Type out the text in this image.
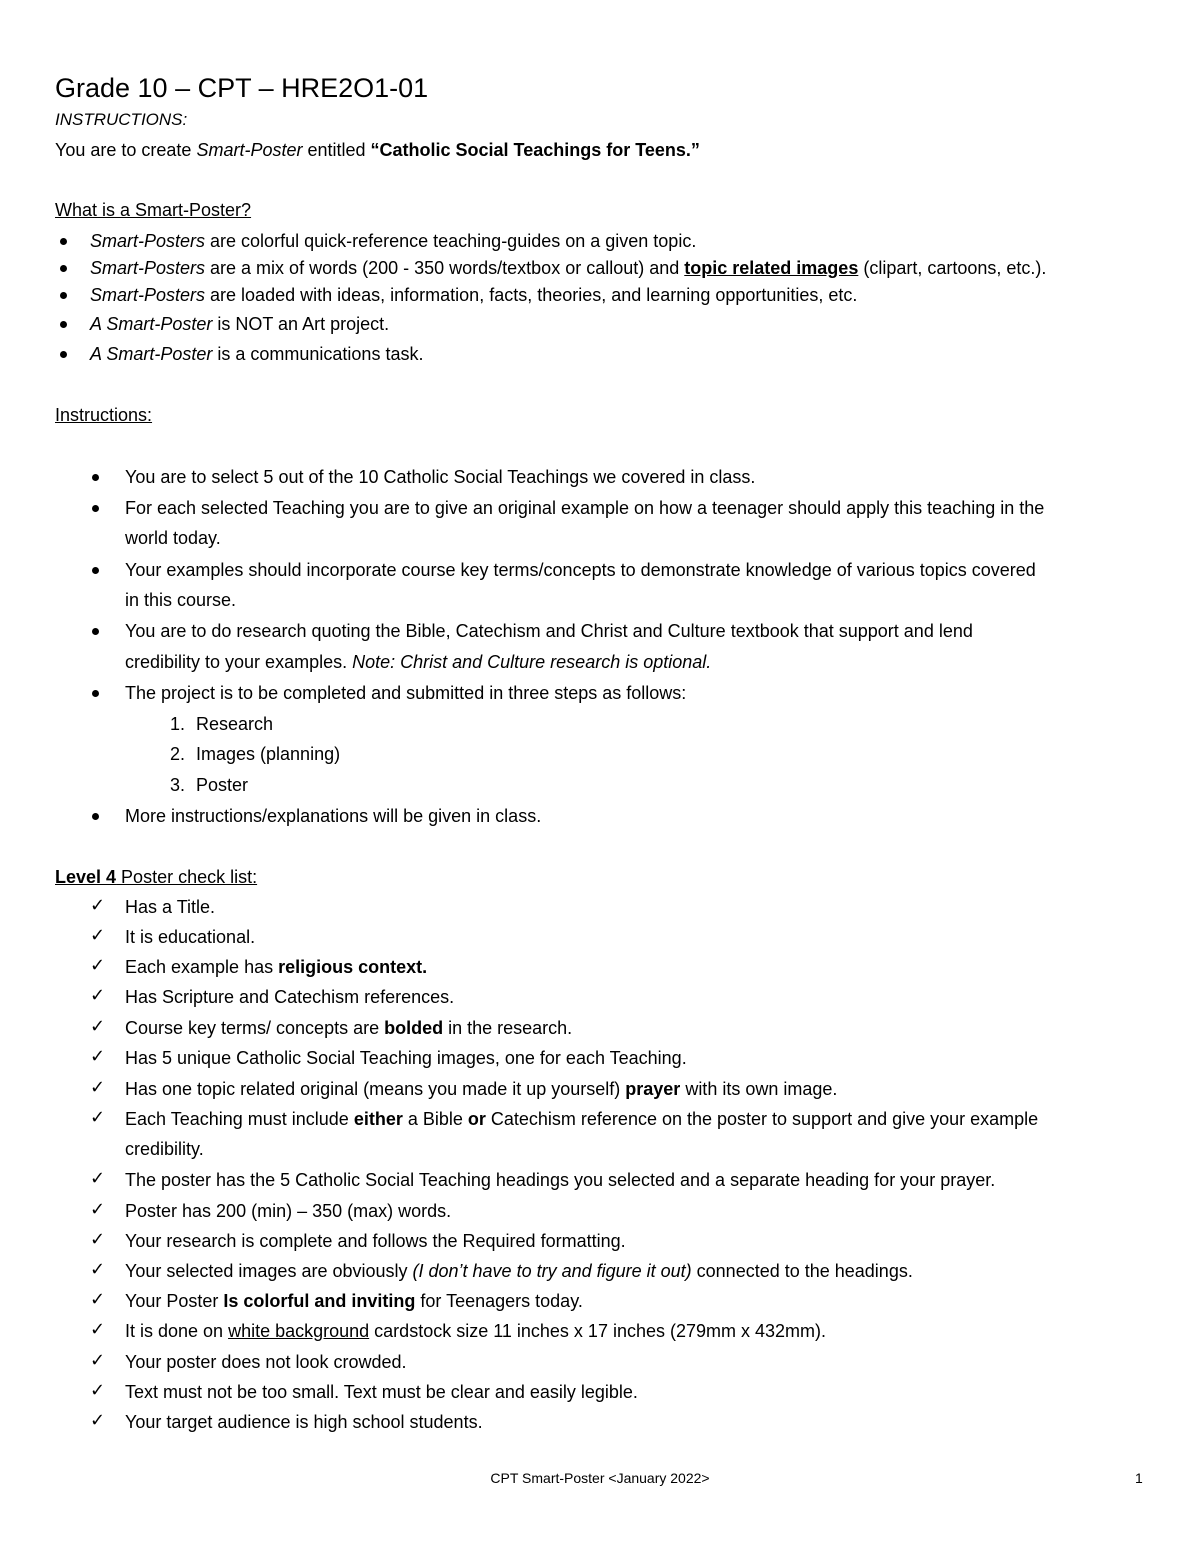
Grade 10 – CPT – HRE2O1-01
INSTRUCTIONS:
You are to create Smart-Poster entitled “Catholic Social Teachings for Teens.”
What is a Smart-Poster?
Smart-Posters are colorful quick-reference teaching-guides on a given topic.
Smart-Posters are a mix of words (200 - 350 words/textbox or callout) and topic related images (clipart, cartoons, etc.).
Smart-Posters are loaded with ideas, information, facts, theories, and learning opportunities, etc.
A Smart-Poster is NOT an Art project.
A Smart-Poster is a communications task.
Instructions:
You are to select 5 out of the 10 Catholic Social Teachings we covered in class.
For each selected Teaching you are to give an original example on how a teenager should apply this teaching in the
world today.
Your examples should incorporate course key terms/concepts to demonstrate knowledge of various topics covered
in this course.
You are to do research quoting the Bible, Catechism and Christ and Culture textbook that support and lend
credibility to your examples. Note: Christ and Culture research is optional.
The project is to be completed and submitted in three steps as follows:
1. Research
2. Images (planning)
3. Poster
More instructions/explanations will be given in class.
Level 4 Poster check list:
✓ Has a Title.
✓ It is educational.
✓ Each example has religious context.
✓ Has Scripture and Catechism references.
✓ Course key terms/ concepts are bolded in the research.
✓ Has 5 unique Catholic Social Teaching images, one for each Teaching.
✓ Has one topic related original (means you made it up yourself) prayer with its own image.
✓ Each Teaching must include either a Bible or Catechism reference on the poster to support and give your example
credibility.
✓ The poster has the 5 Catholic Social Teaching headings you selected and a separate heading for your prayer.
✓ Poster has 200 (min) – 350 (max) words.
✓ Your research is complete and follows the Required formatting.
✓ Your selected images are obviously (I don’t have to try and figure it out) connected to the headings.
✓ Your Poster Is colorful and inviting for Teenagers today.
✓ It is done on white background cardstock size 11 inches x 17 inches (279mm x 432mm).
✓ Your poster does not look crowded.
✓ Text must not be too small. Text must be clear and easily legible.
✓ Your target audience is high school students.
CPT Smart-Poster <January 2022>	1
